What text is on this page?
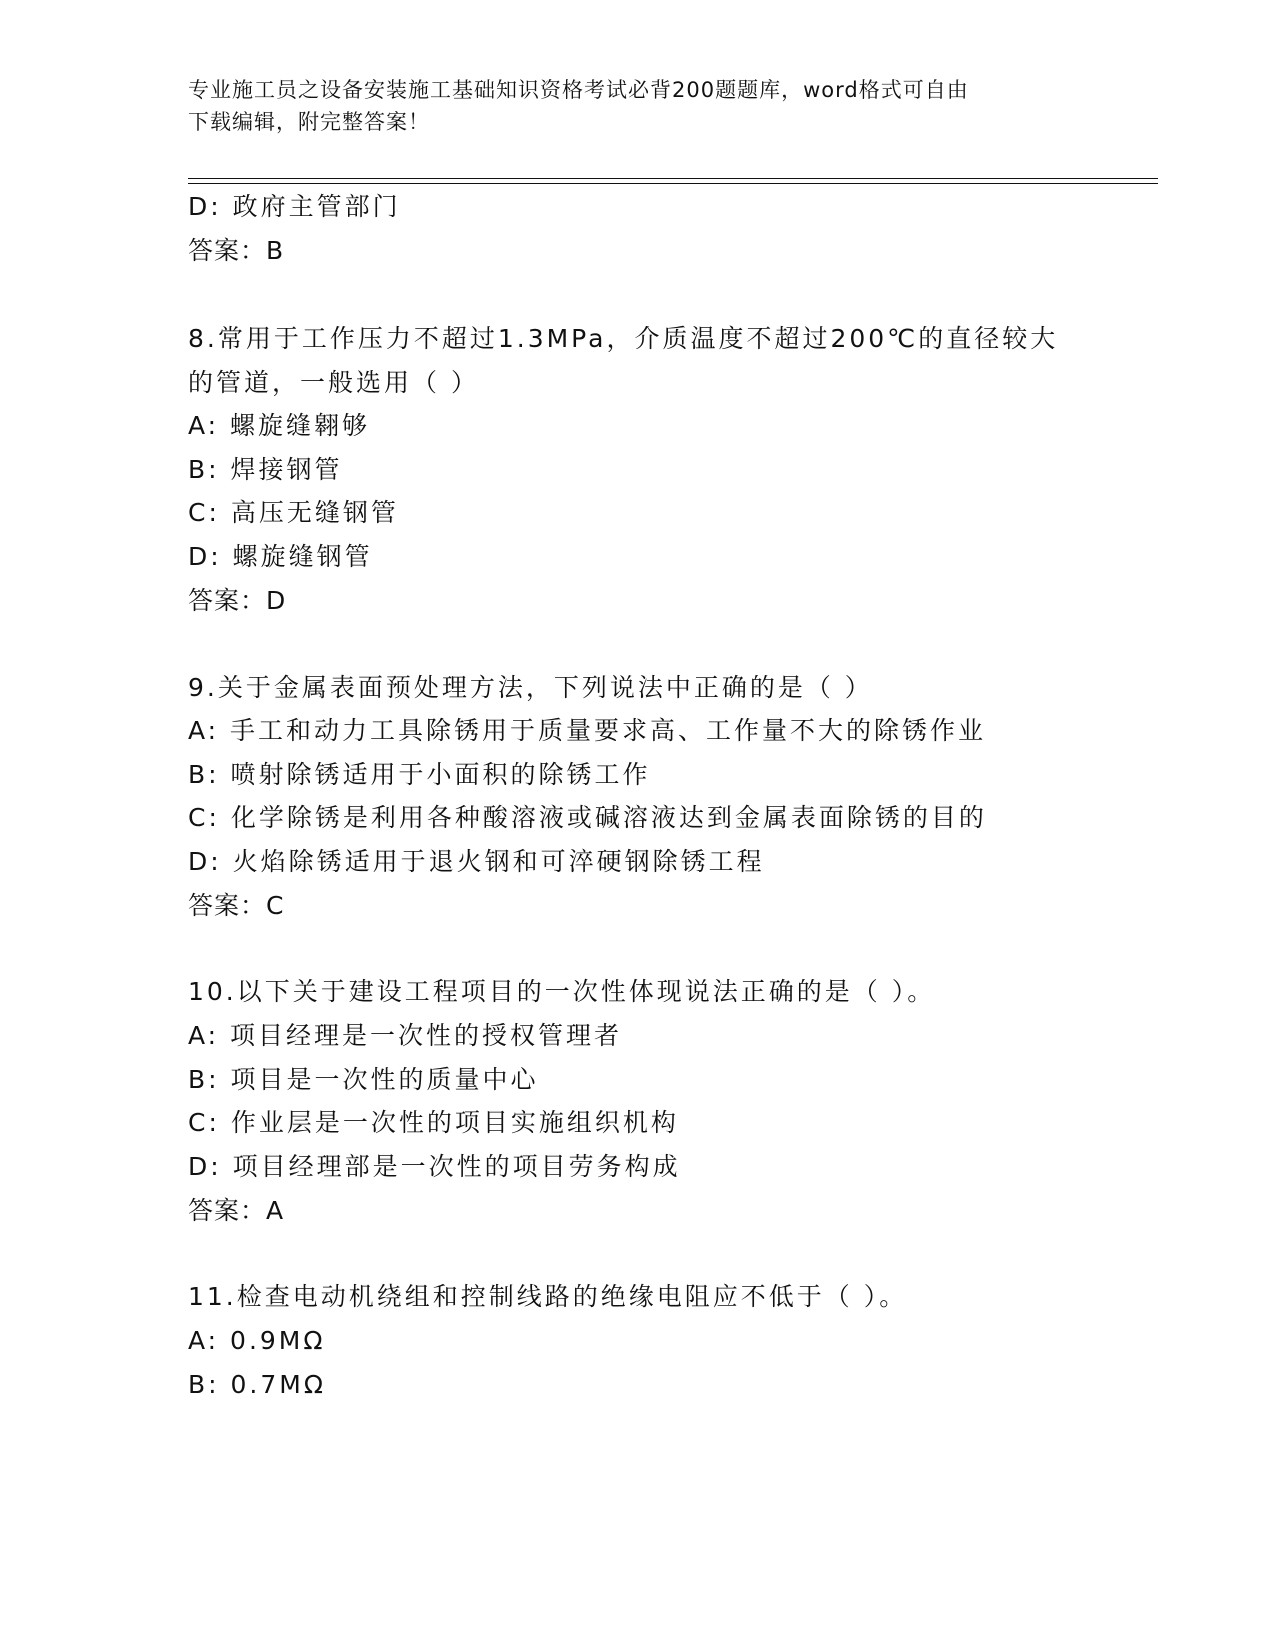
专业施工员之设备安装施工基础知识资格考试必背200题题库，word格式可自由
下载编辑，附完整答案！
D: 政府主管部门
答案：B
8.常用于工作压力不超过1.3MPa，介质温度不超过200℃的直径较大
的管道，一般选用（ ）
A: 螺旋缝翱够
B: 焊接钢管
C: 高压无缝钢管
D: 螺旋缝钢管
答案：D
9.关于金属表面预处理方法，下列说法中正确的是（ ）
A: 手工和动力工具除锈用于质量要求高、工作量不大的除锈作业
B: 喷射除锈适用于小面积的除锈工作
C: 化学除锈是利用各种酸溶液或碱溶液达到金属表面除锈的目的
D: 火焰除锈适用于退火钢和可淬硬钢除锈工程
答案：C
10.以下关于建设工程项目的一次性体现说法正确的是（ ）。
A: 项目经理是一次性的授权管理者
B: 项目是一次性的质量中心
C: 作业层是一次性的项目实施组织机构
D: 项目经理部是一次性的项目劳务构成
答案：A
11.检查电动机绕组和控制线路的绝缘电阻应不低于（ ）。
A: 0.9MΩ
B: 0.7MΩ
